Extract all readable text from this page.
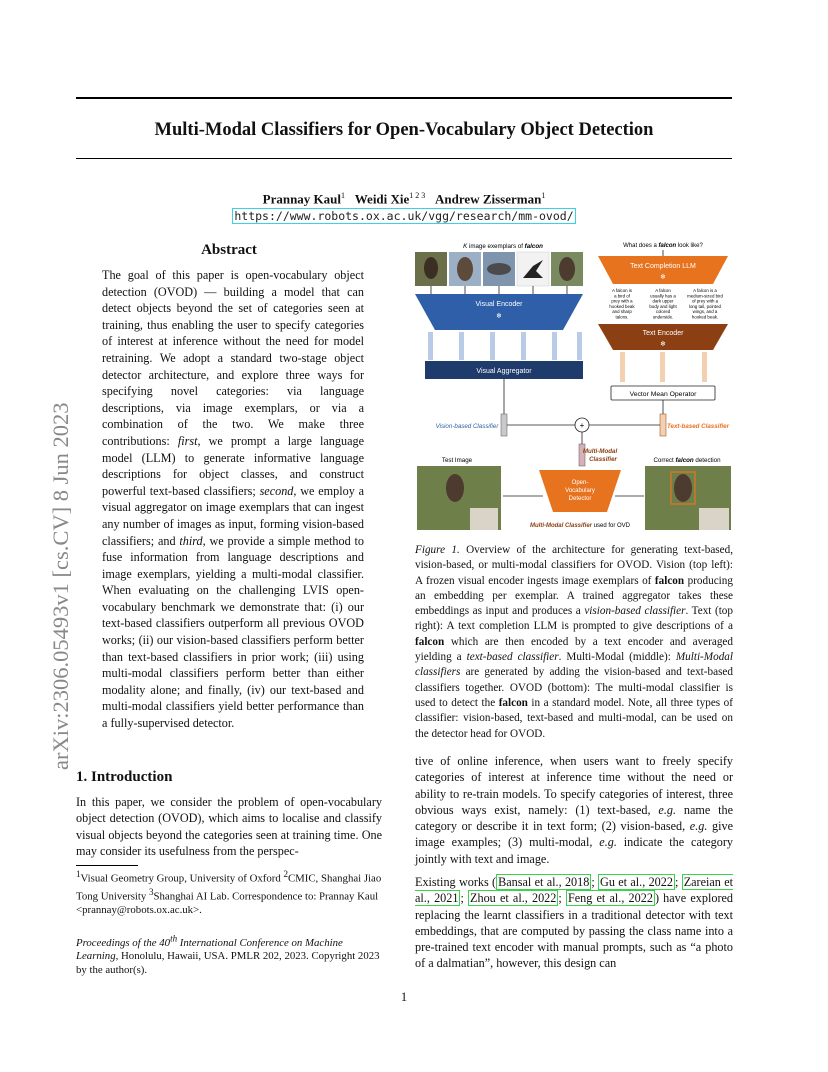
Multi-Modal Classifiers for Open-Vocabulary Object Detection
Prannay Kaul$^1$ Weidi Xie$^{1 2 3}$ Andrew Zisserman$^1$
https://www.robots.ox.ac.uk/vgg/research/mm-ovod/
arXiv:2306.05493v1 [cs.CV] 8 Jun 2023
Abstract

The goal of this paper is open-vocabulary object detection (OVOD) — building a model that can detect objects beyond the set of categories seen at training, thus enabling the user to specify categories of interest at inference without the need for model retraining. We adopt a standard two-stage object detector architecture, and explore three ways for specifying novel categories: via language descriptions, via image exemplars, or via a combination of the two. We make three contributions: first, we prompt a large language model (LLM) to generate informative language descriptions for object classes, and construct powerful text-based classifiers; second, we employ a visual aggregator on image exemplars that can ingest any number of images as input, forming vision-based classifiers; and third, we provide a simple method to fuse information from language descriptions and image exemplars, yielding a multi-modal classifier. When evaluating on the challenging LVIS open-vocabulary benchmark we demonstrate that: (i) our text-based classifiers outperform all previous OVOD works; (ii) our vision-based classifiers perform better than text-based classifiers in prior work; (iii) using multi-modal classifiers perform better than either modality alone; and finally, (iv) our text-based and multi-modal classifiers yield better performance than a fully-supervised detector.

1. Introduction

In this paper, we consider the problem of open-vocabulary object detection (OVOD), which aims to localise and classify visual objects beyond the categories seen at training time. One may consider its usefulness from the perspec-

$^1$Visual Geometry Group, University of Oxford $^2$CMIC, Shanghai Jiao Tong University $^3$Shanghai AI Lab. Correspondence to: Prannay Kaul <prannay@robots.ox.ac.uk>.

Proceedings of the 40th International Conference on Machine Learning, Honolulu, Hawaii, USA. PMLR 202, 2023. Copyright 2023 by the author(s).

K image exemplars of falcon
Visual Encoder
❄
Visual Aggregator
Vision-based Classifier
What does a falcon look like?
Text Completion LLM
❄
A falcon is
a bird of
prey with a
hooked beak
and sharp
talons.
A falcon
usually has a
dark upper
body and light
colored
underside.
A falcon is a
medium-sized bird
of prey with a
long tail, pointed
wings, and a
hooked beak.
Text Encoder
❄
Vector Mean Operator
Text-based Classifier
+
Multi-Modal Classifier
Test Image	Correct falcon detection
Open-Vocabulary Detector
Multi-Modal Classifier used for OVD

Figure 1. Overview of the architecture for generating text-based, vision-based, or multi-modal classifiers for OVOD. Vision (top left): A frozen visual encoder ingests image exemplars of falcon producing an embedding per exemplar. A trained aggregator takes these embeddings as input and produces a vision-based classifier. Text (top right): A text completion LLM is prompted to give descriptions of a falcon which are then encoded by a text encoder and averaged yielding a text-based classifier. Multi-Modal (middle): Multi-Modal classifiers are generated by adding the vision-based and text-based classifiers together. OVOD (bottom): The multi-modal classifier is used to detect the falcon in a standard model. Note, all three types of classifier: vision-based, text-based and multi-modal, can be used on the detector head for OVOD.

tive of online inference, when users want to freely specify categories of interest at inference time without the need or ability to re-train models. To specify categories of interest, three obvious ways exist, namely: (1) text-based, e.g. name the category or describe it in text form; (2) vision-based, e.g. give image examples; (3) multi-modal, e.g. indicate the category jointly with text and image.

Existing works ( Bansal et al., 2018 ; Gu et al., 2022 ; Zareian et al., 2021 ; Zhou et al., 2022 ; Feng et al., 2022 ) have explored replacing the learnt classifiers in a traditional detector with text embeddings, that are computed by passing the class name into a pre-trained text encoder with manual prompts, such as “a photo of a dalmatian”, however, this design can

1
